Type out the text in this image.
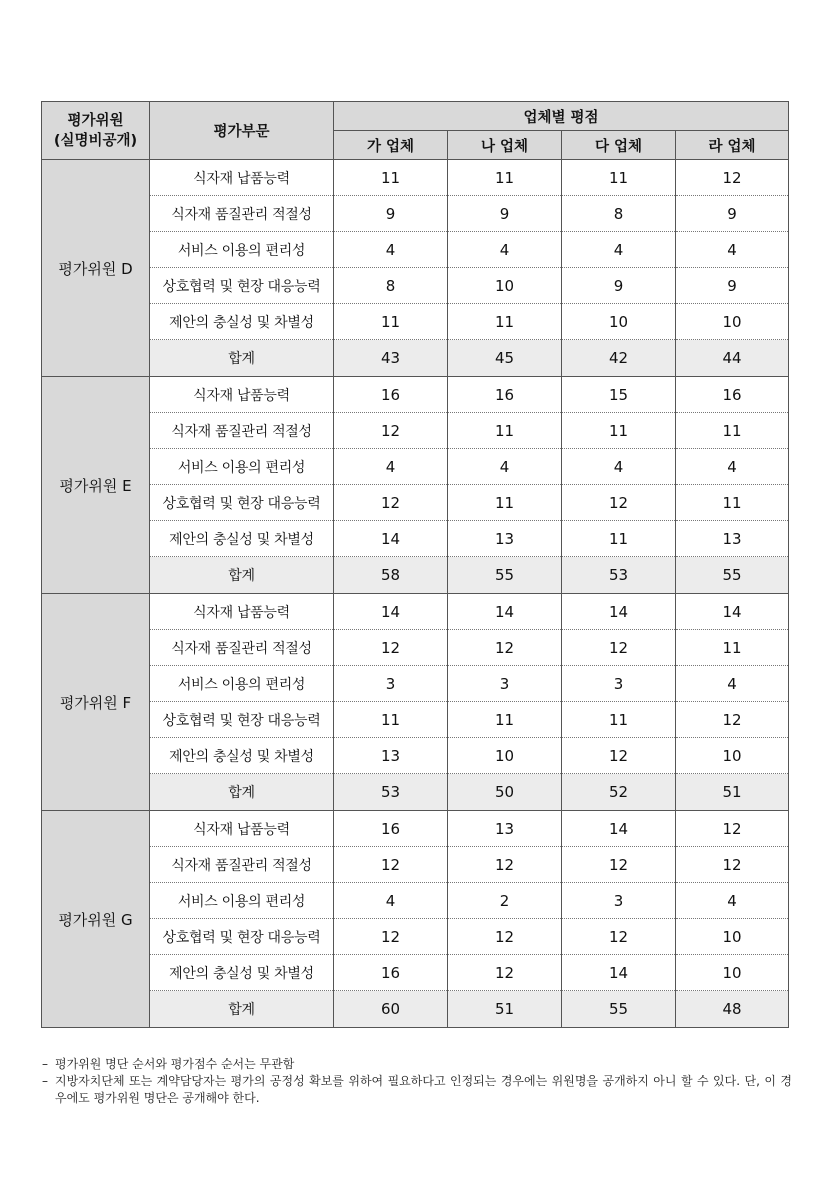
평가위원
(실명비공개)	평가부문	업체별 평점			
		가 업체	나 업체	다 업체	라 업체
평가위원 D	식자재 납품능력	11	11	11	12
	식자재 품질관리 적절성	9	9	8	9
	서비스 이용의 편리성	4	4	4	4
	상호협력 및 현장 대응능력	8	10	9	9
	제안의 충실성 및 차별성	11	11	10	10
	합계	43	45	42	44
평가위원 E	식자재 납품능력	16	16	15	16
	식자재 품질관리 적절성	12	11	11	11
	서비스 이용의 편리성	4	4	4	4
	상호협력 및 현장 대응능력	12	11	12	11
	제안의 충실성 및 차별성	14	13	11	13
	합계	58	55	53	55
평가위원 F	식자재 납품능력	14	14	14	14
	식자재 품질관리 적절성	12	12	12	11
	서비스 이용의 편리성	3	3	3	4
	상호협력 및 현장 대응능력	11	11	11	12
	제안의 충실성 및 차별성	13	10	12	10
	합계	53	50	52	51
평가위원 G	식자재 납품능력	16	13	14	12
	식자재 품질관리 적절성	12	12	12	12
	서비스 이용의 편리성	4	2	3	4
	상호협력 및 현장 대응능력	12	12	12	10
	제안의 충실성 및 차별성	16	12	14	10
	합계	60	51	55	48
– 평가위원 명단 순서와 평가점수 순서는 무관함
– 지방자치단체 또는 계약담당자는 평가의 공정성 확보를 위하여 필요하다고 인정되는 경우에는 위원명을 공개하지 아니 할 수 있다. 단, 이 경우에도 평가위원 명단은 공개해야 한다.
